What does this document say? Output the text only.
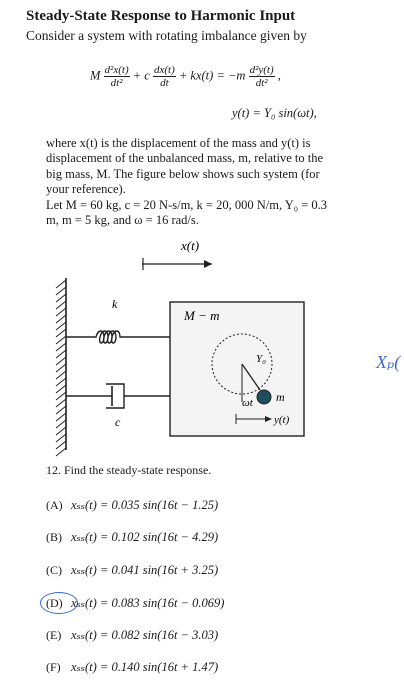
Steady-State Response to Harmonic Input
Consider a system with rotating imbalance given by
M $\frac{\text{d²x(t)}}{\text{dt²}} + c \frac{dx(t)}{dt} + kx(t) = -m \frac{\text{d²y(t)}}{\text{dt²}}$ ,
y(t) = Y₀ sin(ωt),
where x(t) is the displacement of the mass and y(t) is
displacement of the unbalanced mass, m, relative to the
big mass, M. The figure below shows such system (for
your reference).
Let M = 60 kg, c = 20 N-s/m, k = 20, 000 N/m, Y₀ = 0.3
m, m = 5 kg, and ω = 16 rad/s.
x(t)
k
c
M − m
Y₀
ωt m
y(t)
Xₚ(
12. Find the steady-state response.
(A) xₛₛ(t) = 0.035 sin(16t − 1.25)
(B) xₛₛ(t) = 0.102 sin(16t − 4.29)
(C) xₛₛ(t) = 0.041 sin(16t + 3.25)
(D) xₛₛ(t) = 0.083 sin(16t − 0.069)
(E) xₛₛ(t) = 0.082 sin(16t − 3.03)
(F) xₛₛ(t) = 0.140 sin(16t + 1.47)
